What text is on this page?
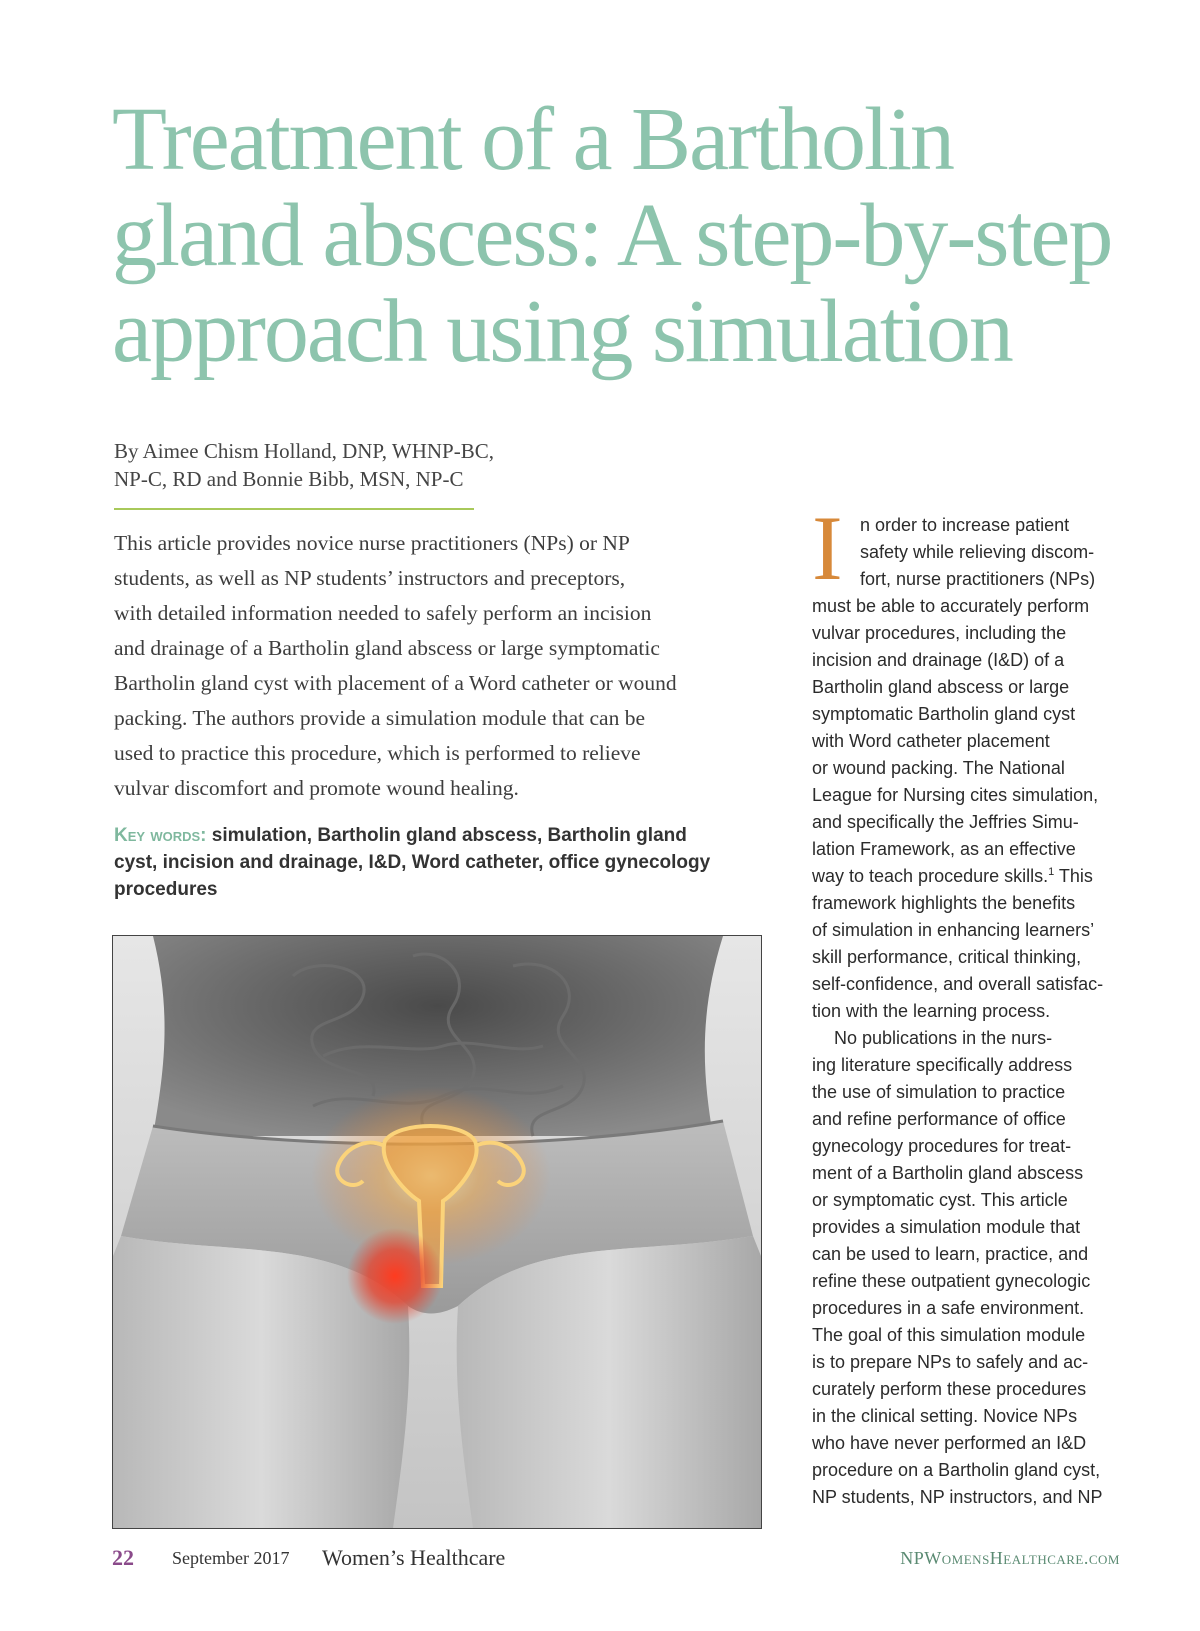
Treatment of a Bartholin
gland abscess: A step-by-step
approach using simulation
By Aimee Chism Holland, DNP, WHNP-BC,
NP-C, RD and Bonnie Bibb, MSN, NP-C
This article provides novice nurse practitioners (NPs) or NP
students, as well as NP students’ instructors and preceptors,
with detailed information needed to safely perform an incision
and drainage of a Bartholin gland abscess or large symptomatic
Bartholin gland cyst with placement of a Word catheter or wound
packing. The authors provide a simulation module that can be
used to practice this procedure, which is performed to relieve
vulvar discomfort and promote wound healing.
Key words: simulation, Bartholin gland abscess, Bartholin gland
cyst, incision and drainage, I&D, Word catheter, office gynecology
procedures
I n order to increase patient
safety while relieving discom-
fort, nurse practitioners (NPs)
must be able to accurately perform
vulvar procedures, including the
incision and drainage (I&D) of a
Bartholin gland abscess or large
symptomatic Bartholin gland cyst
with Word catheter placement
or wound packing. The National
League for Nursing cites simulation,
and specifically the Jeffries Simu-
lation Framework, as an effective
way to teach procedure skills.$^1$ This
framework highlights the benefits
of simulation in enhancing learners’
skill performance, critical thinking,
self-confidence, and overall satisfac-
tion with the learning process.
No publications in the nurs-
ing literature specifically address
the use of simulation to practice
and refine performance of office
gynecology procedures for treat-
ment of a Bartholin gland abscess
or symptomatic cyst. This article
provides a simulation module that
can be used to learn, practice, and
refine these outpatient gynecologic
procedures in a safe environment.
The goal of this simulation module
is to prepare NPs to safely and ac-
curately perform these procedures
in the clinical setting. Novice NPs
who have never performed an I&D
procedure on a Bartholin gland cyst,
NP students, NP instructors, and NP
22 September 2017 Women’s Healthcare	NPWomensHealthcare.com
